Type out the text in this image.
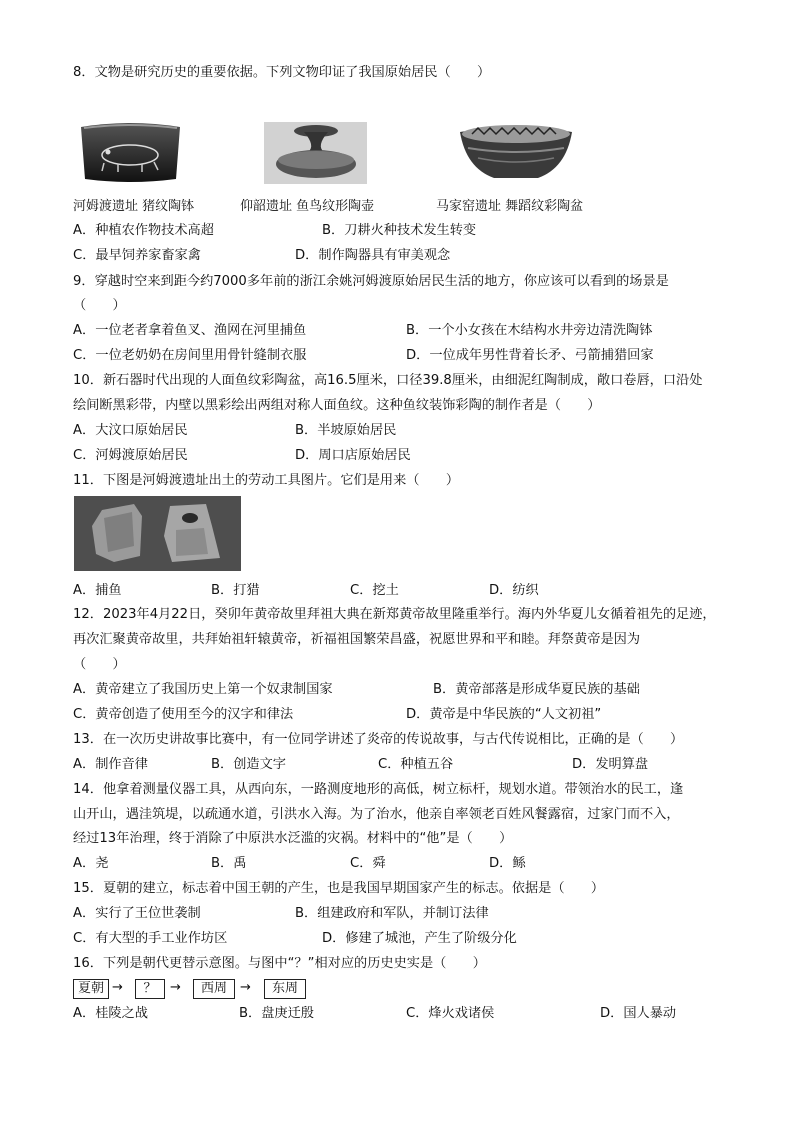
8．文物是研究历史的重要依据。下列文物印证了我国原始居民（　　）
河姆渡遗址 猪纹陶钵	仰韶遗址 鱼鸟纹形陶壶	马家窑遗址 舞蹈纹彩陶盆
A．种植农作物技术高超	B．刀耕火种技术发生转变
C．最早饲养家畜家禽	D．制作陶器具有审美观念
9．穿越时空来到距今约7000多年前的浙江余姚河姆渡原始居民生活的地方，你应该可以看到的场景是
（　　）
A．一位老者拿着鱼叉、渔网在河里捕鱼	B．一个小女孩在木结构水井旁边清洗陶钵
C．一位老奶奶在房间里用骨针缝制衣服	D．一位成年男性背着长矛、弓箭捕猎回家
10．新石器时代出现的人面鱼纹彩陶盆，高16.5厘米，口径39.8厘米，由细泥红陶制成，敞口卷唇，口沿处
绘间断黑彩带，内壁以黑彩绘出两组对称人面鱼纹。这种鱼纹装饰彩陶的制作者是（　　）
A．大汶口原始居民	B．半坡原始居民
C．河姆渡原始居民	D．周口店原始居民
11．下图是河姆渡遗址出土的劳动工具图片。它们是用来（　　）
A．捕鱼	B．打猎	C．挖土	D．纺织
12．2023年4月22日，癸卯年黄帝故里拜祖大典在新郑黄帝故里隆重举行。海内外华夏儿女循着祖先的足迹，
再次汇聚黄帝故里，共拜始祖轩辕黄帝，祈福祖国繁荣昌盛，祝愿世界和平和睦。拜祭黄帝是因为
（　　）
A．黄帝建立了我国历史上第一个奴隶制国家	B．黄帝部落是形成华夏民族的基础
C．黄帝创造了使用至今的汉字和律法	D．黄帝是中华民族的“人文初祖”
13．在一次历史讲故事比赛中，有一位同学讲述了炎帝的传说故事，与古代传说相比，正确的是（　　）
A．制作音律	B．创造文字	C．种植五谷	D．发明算盘
14．他拿着测量仪器工具，从西向东，一路测度地形的高低，树立标杆，规划水道。带领治水的民工，逢
山开山，遇洼筑堤，以疏通水道，引洪水入海。为了治水，他亲自率领老百姓风餐露宿，过家门而不入，
经过13年治理，终于消除了中原洪水泛滥的灾祸。材料中的“他”是（　　）
A．尧	B．禹	C．舜	D．鲧
15．夏朝的建立，标志着中国王朝的产生，也是我国早期国家产生的标志。依据是（　　）
A．实行了王位世袭制	B．组建政府和军队，并制订法律
C．有大型的手工业作坊区	D．修建了城池，产生了阶级分化
16．下列是朝代更替示意图。与图中“？”相对应的历史史实是（　　）
夏朝 →	？	→	西周	→	东周
A．桂陵之战	B．盘庚迁殷	C．烽火戏诸侯	D．国人暴动
